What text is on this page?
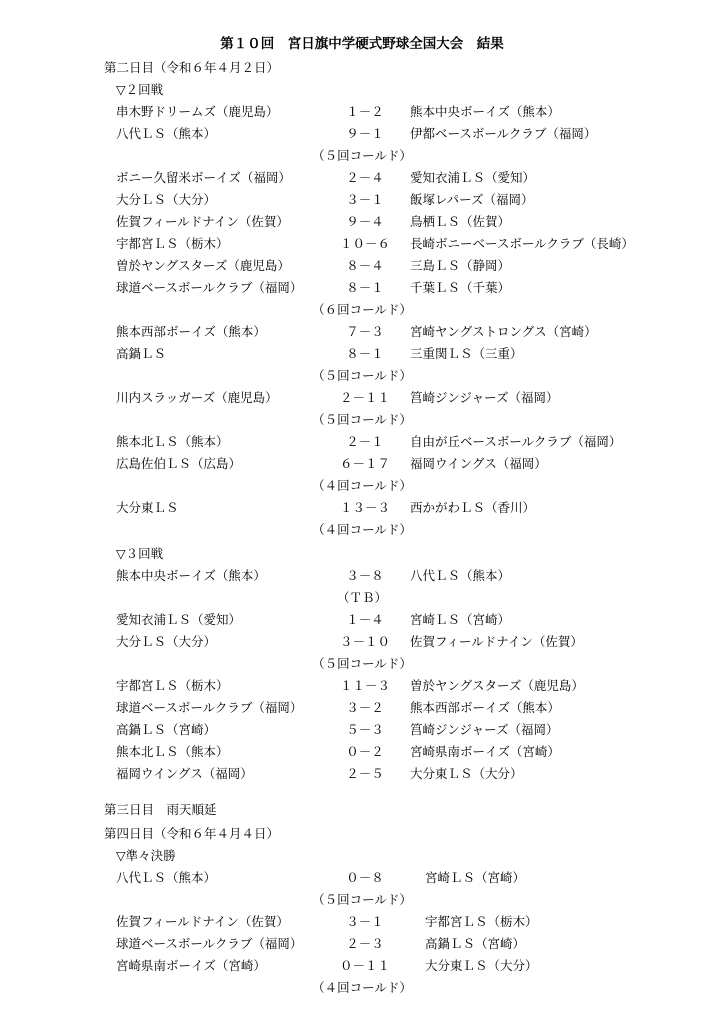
第１０回　宮日旗中学硬式野球全国大会　結果
第二日目（令和６年４月２日）
▽２回戦
串木野ドリームズ（鹿児島）	１－２	熊本中央ボーイズ（熊本）
八代ＬＳ（熊本）	９－１	伊都ベースボールクラブ（福岡）
（５回コールド）
ボニー久留米ボーイズ（福岡）	２－４	愛知衣浦ＬＳ（愛知）
大分ＬＳ（大分）	３－１	飯塚レパーズ（福岡）
佐賀フィールドナイン（佐賀）	９－４	鳥栖ＬＳ（佐賀）
宇都宮ＬＳ（栃木）	１０－６	長崎ボニーベースボールクラブ（長崎）
曽於ヤングスターズ（鹿児島）	８－４	三島ＬＳ（静岡）
球道ベースボールクラブ（福岡）	８－１	千葉ＬＳ（千葉）
（６回コールド）
熊本西部ボーイズ（熊本）	７－３	宮崎ヤングストロングス（宮崎）
高鍋ＬＳ	８－１	三重関ＬＳ（三重）
（５回コールド）
川内スラッガーズ（鹿児島）	２－１１	筥崎ジンジャーズ（福岡）
（５回コールド）
熊本北ＬＳ（熊本）	２－１	自由が丘ベースボールクラブ（福岡）
広島佐伯ＬＳ（広島）	６－１７	福岡ウイングス（福岡）
（４回コールド）
大分東ＬＳ	１３－３	西かがわＬＳ（香川）
（４回コールド）
▽３回戦
熊本中央ボーイズ（熊本）	３－８	八代ＬＳ（熊本）
（ＴＢ）
愛知衣浦ＬＳ（愛知）	１－４	宮崎ＬＳ（宮崎）
大分ＬＳ（大分）	３－１０	佐賀フィールドナイン（佐賀）
（５回コールド）
宇都宮ＬＳ（栃木）	１１－３	曽於ヤングスターズ（鹿児島）
球道ベースボールクラブ（福岡）	３－２	熊本西部ボーイズ（熊本）
高鍋ＬＳ（宮崎）	５－３	筥崎ジンジャーズ（福岡）
熊本北ＬＳ（熊本）	０－２	宮崎県南ボーイズ（宮崎）
福岡ウイングス（福岡）	２－５	大分東ＬＳ（大分）
第三日目　雨天順延
第四日目（令和６年４月４日）
▽準々決勝
八代ＬＳ（熊本）	０－８	宮崎ＬＳ（宮崎）
（５回コールド）
佐賀フィールドナイン（佐賀）	３－１	宇都宮ＬＳ（栃木）
球道ベースボールクラブ（福岡）	２－３	高鍋ＬＳ（宮崎）
宮崎県南ボーイズ（宮崎）	０－１１	大分東ＬＳ（大分）
（４回コールド）
